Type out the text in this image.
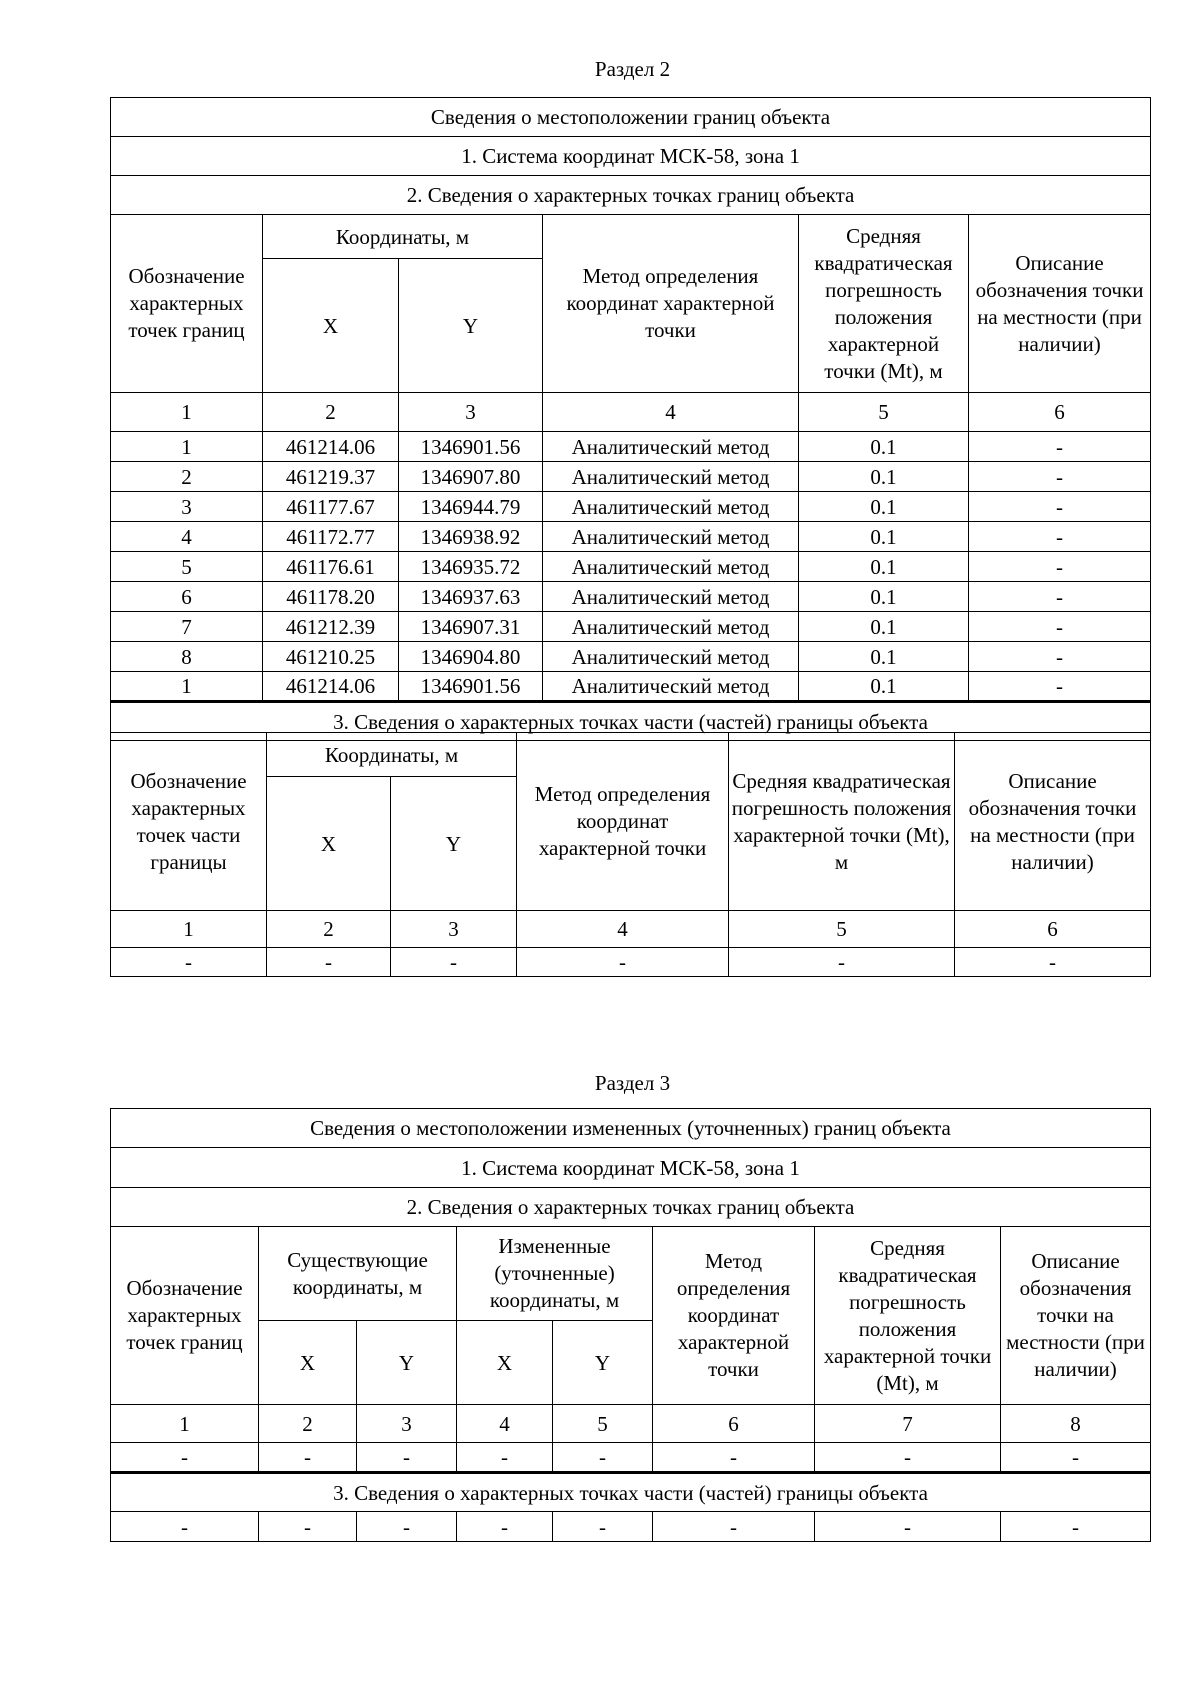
Раздел 2
Сведения о местоположении границ объекта					
1. Система координат МСК-58, зона 1					
2. Сведения о характерных точках границ объекта					
Обозначение характерных точек границ	Координаты, м		Метод определения координат характерной точки	Средняя квадратическая погрешность положения характерной точки (Mt), м	Описание обозначения точки на местности (при наличии)
	X	Y			
1	2	3	4	5	6
1	461214.06	1346901.56	Аналитический метод	0.1	-
2	461219.37	1346907.80	Аналитический метод	0.1	-
3	461177.67	1346944.79	Аналитический метод	0.1	-
4	461172.77	1346938.92	Аналитический метод	0.1	-
5	461176.61	1346935.72	Аналитический метод	0.1	-
6	461178.20	1346937.63	Аналитический метод	0.1	-
7	461212.39	1346907.31	Аналитический метод	0.1	-
8	461210.25	1346904.80	Аналитический метод	0.1	-
1	461214.06	1346901.56	Аналитический метод	0.1	-
3. Сведения о характерных точках части (частей) границы объекта					
Обозначение характерных точек части границы	Координаты, м		Метод определения координат характерной точки	Средняя квадратическая погрешность положения характерной точки (Mt), м	Описание обозначения точки на местности (при наличии)
	X	Y			
1	2	3	4	5	6
-	-	-	-	-	-
Раздел 3
Сведения о местоположении измененных (уточненных) границ объекта							
1. Система координат МСК-58, зона 1							
2. Сведения о характерных точках границ объекта							
Обозначение характерных точек границ	Существующие координаты, м		Измененные (уточненные) координаты, м		Метод определения координат характерной точки	Средняя квадратическая погрешность положения характерной точки (Mt), м	Описание обозначения точки на местности (при наличии)
	X	Y	X	Y			
1	2	3	4	5	6	7	8
-	-	-	-	-	-	-	-
3. Сведения о характерных точках части (частей) границы объекта							
-	-	-	-	-	-	-	-
